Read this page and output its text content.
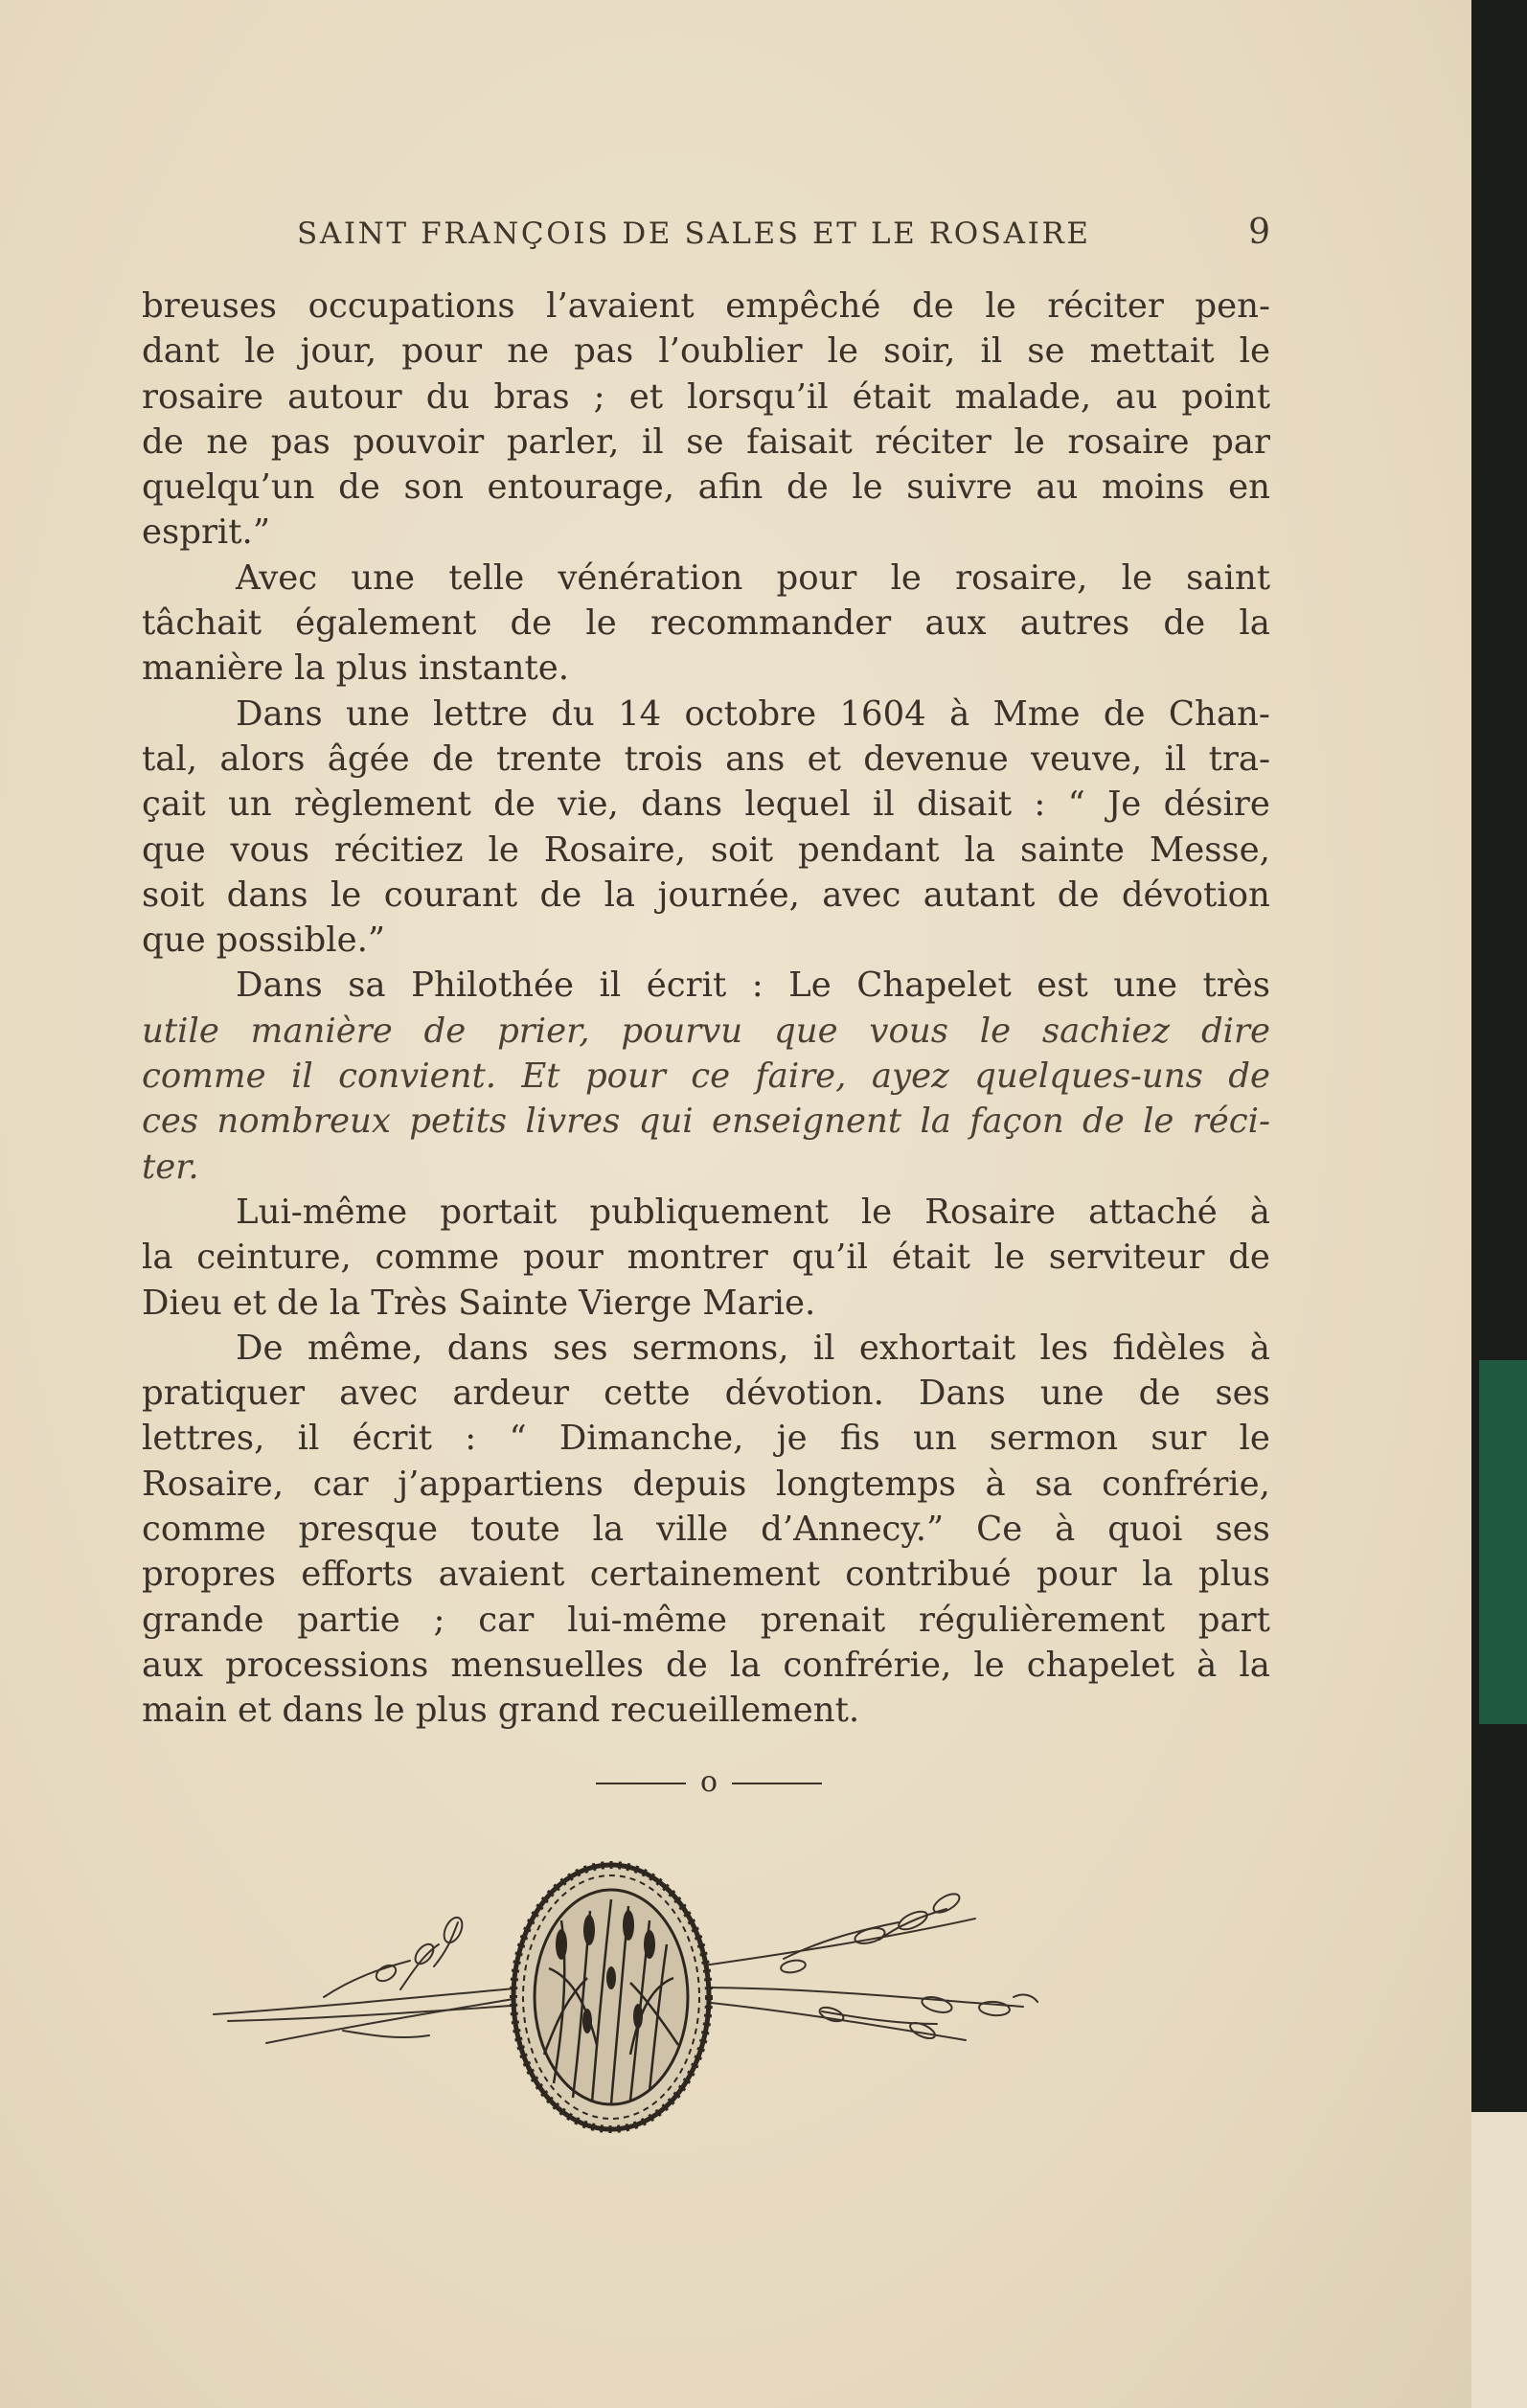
SAINT FRANÇOIS DE SALES ET LE ROSAIRE	9
breuses occupations l’avaient empêché de le réciter pen-
dant le jour, pour ne pas l’oublier le soir, il se mettait le
rosaire autour du bras ; et lorsqu’il était malade, au point
de ne pas pouvoir parler, il se faisait réciter le rosaire par
quelqu’un de son entourage, afin de le suivre au moins en
esprit.”
Avec une telle vénération pour le rosaire, le saint
tâchait également de le recommander aux autres de la
manière la plus instante.
Dans une lettre du 14 octobre 1604 à Mme de Chan-
tal, alors âgée de trente trois ans et devenue veuve, il tra-
çait un règlement de vie, dans lequel il disait : “ Je désire
que vous récitiez le Rosaire, soit pendant la sainte Messe,
soit dans le courant de la journée, avec autant de dévotion
que possible.”
Dans sa Philothée il écrit : Le Chapelet est une très
utile manière de prier, pourvu que vous le sachiez dire
comme il convient. Et pour ce faire, ayez quelques-uns de
ces nombreux petits livres qui enseignent la façon de le réci-
ter.
Lui-même portait publiquement le Rosaire attaché à
la ceinture, comme pour montrer qu’il était le serviteur de
Dieu et de la Très Sainte Vierge Marie.
De même, dans ses sermons, il exhortait les fidèles à
pratiquer avec ardeur cette dévotion. Dans une de ses
lettres, il écrit : “ Dimanche, je fis un sermon sur le
Rosaire, car j’appartiens depuis longtemps à sa confrérie,
comme presque toute la ville d’Annecy.” Ce à quoi ses
propres efforts avaient certainement contribué pour la plus
grande partie ; car lui-même prenait régulièrement part
aux processions mensuelles de la confrérie, le chapelet à la
main et dans le plus grand recueillement.
o
